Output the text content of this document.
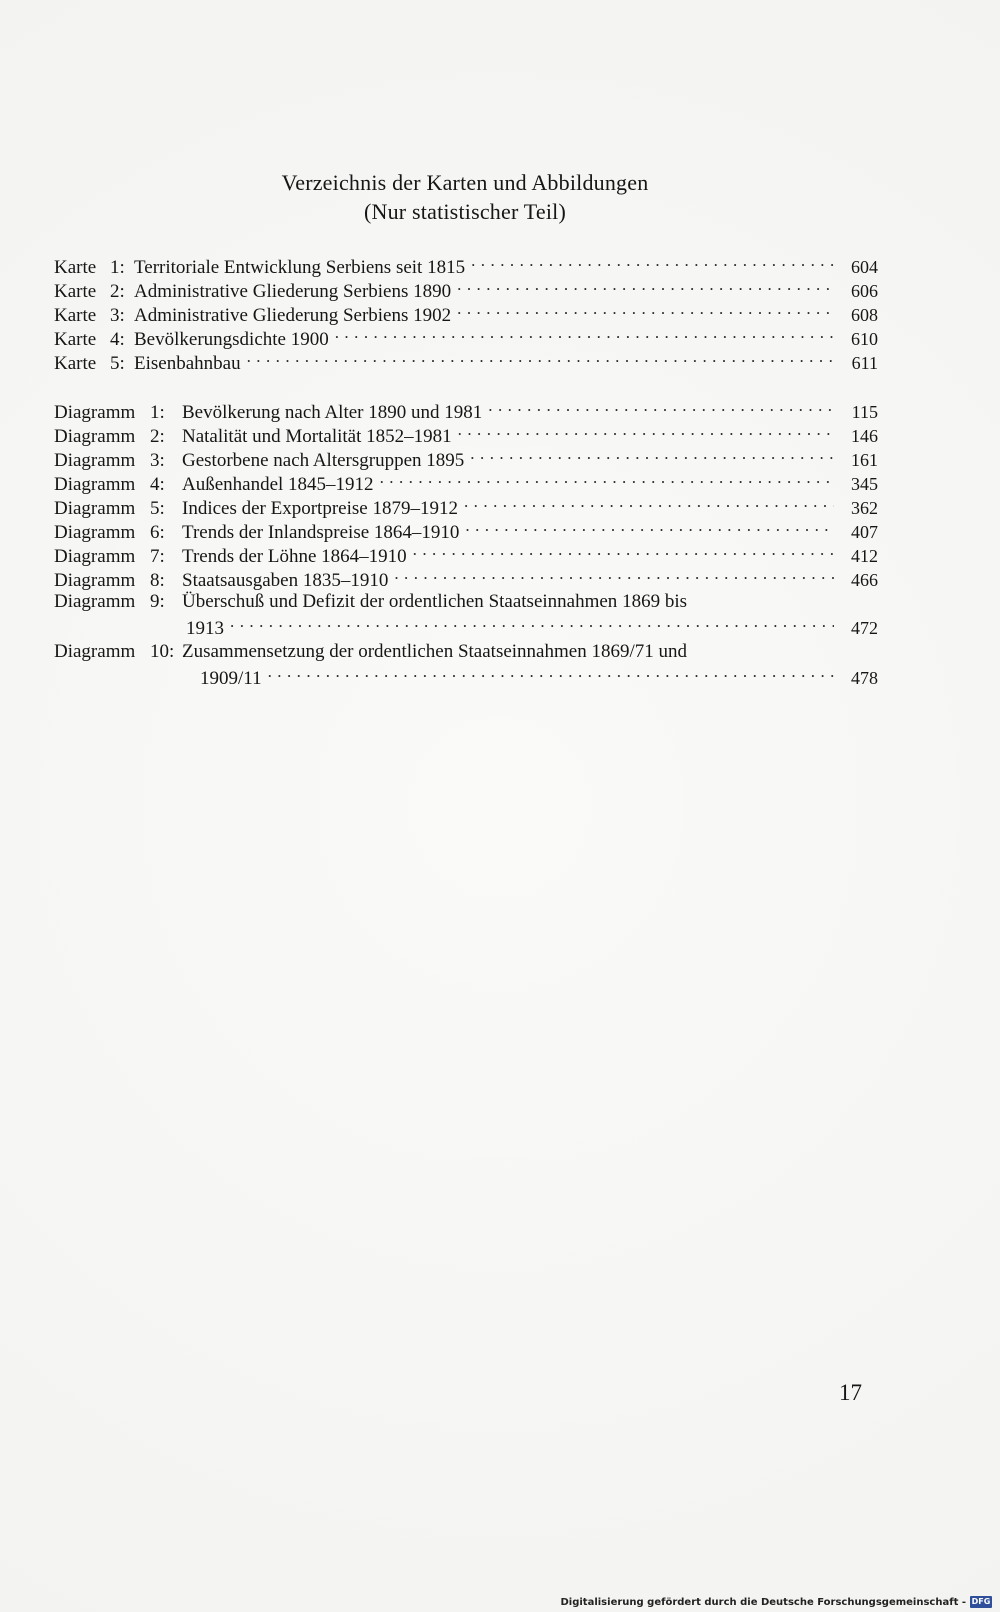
Verzeichnis der Karten und Abbildungen
(Nur statistischer Teil)
Karte 1: Territoriale Entwicklung Serbiens seit 1815 . . .	604
Karte 2: Administrative Gliederung Serbiens 1890 . . .	606
Karte 3: Administrative Gliederung Serbiens 1902 . . .	608
Karte 4: Bevölkerungsdichte 1900 . . .	610
Karte 5: Eisenbahnbau . . .	611
Diagramm 1: Bevölkerung nach Alter 1890 und 1981 . . .	115
Diagramm 2: Natalität und Mortalität 1852–1981 . . .	146
Diagramm 3: Gestorbene nach Altersgruppen 1895 . . .	161
Diagramm 4: Außenhandel 1845–1912 . . .	345
Diagramm 5: Indices der Exportpreise 1879–1912 . . .	362
Diagramm 6: Trends der Inlandspreise 1864–1910 . . .	407
Diagramm 7: Trends der Löhne 1864–1910 . . .	412
Diagramm 8: Staatsausgaben 1835–1910 . . .	466
Diagramm 9: Überschuß und Defizit der ordentlichen Staatseinnahmen 1869 bis
1913 . . .	472
Diagramm 10: Zusammensetzung der ordentlichen Staatseinnahmen 1869/71 und
1909/11 . . .	478
17
Digitalisierung gefördert durch die Deutsche Forschungsgemeinschaft - DFG
